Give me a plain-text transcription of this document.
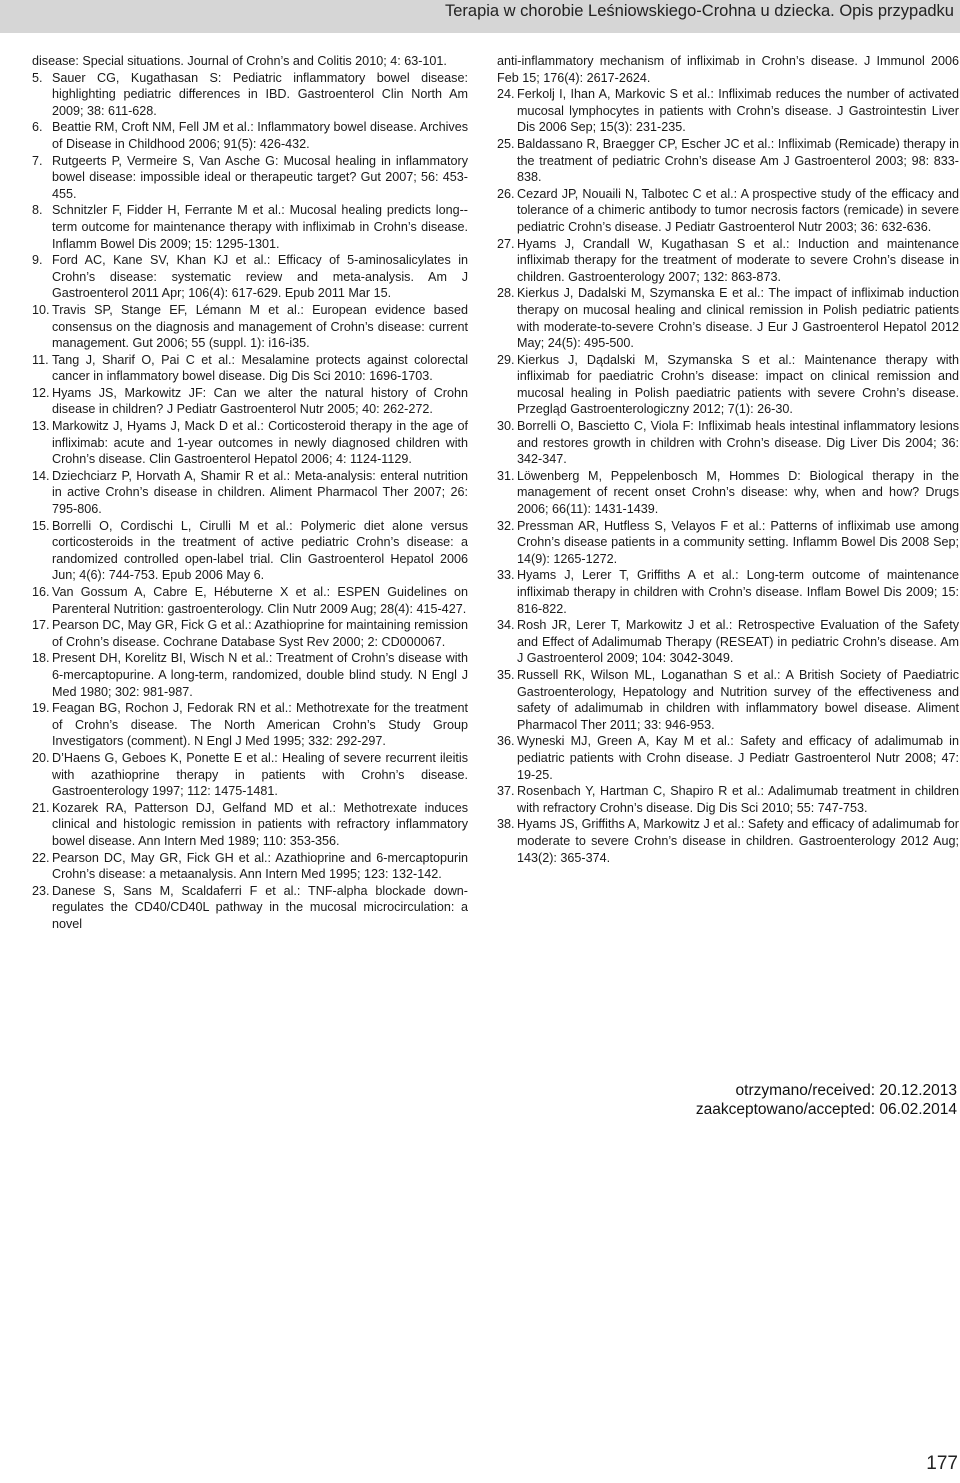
Terapia w chorobie Leśniowskiego-Crohna u dziecka. Opis przypadku
disease: Special situations. Journal of Crohn’s and Colitis 2010; 4: 63-101.
5. Sauer CG, Kugathasan S: Pediatric inflammatory bowel disease: highlighting pediatric differences in IBD. Gastroenterol Clin North Am 2009; 38: 611-628.
6. Beattie RM, Croft NM, Fell JM et al.: Inflammatory bowel disease. Archives of Disease in Childhood 2006; 91(5): 426-432.
7. Rutgeerts P, Vermeire S, Van Asche G: Mucosal healing in inflammatory bowel disease: impossible ideal or therapeutic target? Gut 2007; 56: 453-455.
8. Schnitzler F, Fidder H, Ferrante M et al.: Mucosal healing predicts long--term outcome for maintenance therapy with infliximab in Crohn’s disease. Inflamm Bowel Dis 2009; 15: 1295-1301.
9. Ford AC, Kane SV, Khan KJ et al.: Efficacy of 5-aminosalicylates in Crohn’s disease: systematic review and meta-analysis. Am J Gastroenterol 2011 Apr; 106(4): 617-629. Epub 2011 Mar 15.
10. Travis SP, Stange EF, Lémann M et al.: European evidence based consensus on the diagnosis and management of Crohn’s disease: current management. Gut 2006; 55 (suppl. 1): i16-i35.
11. Tang J, Sharif O, Pai C et al.: Mesalamine protects against colorectal cancer in inflammatory bowel disease. Dig Dis Sci 2010: 1696-1703.
12. Hyams JS, Markowitz JF: Can we alter the natural history of Crohn disease in children? J Pediatr Gastroenterol Nutr 2005; 40: 262-272.
13. Markowitz J, Hyams J, Mack D et al.: Corticosteroid therapy in the age of infliximab: acute and 1-year outcomes in newly diagnosed children with Crohn’s disease. Clin Gastroenterol Hepatol 2006; 4: 1124-1129.
14. Dziechciarz P, Horvath A, Shamir R et al.: Meta-analysis: enteral nutrition in active Crohn’s disease in children. Aliment Pharmacol Ther 2007; 26: 795-806.
15. Borrelli O, Cordischi L, Cirulli M et al.: Polymeric diet alone versus corticosteroids in the treatment of active pediatric Crohn’s disease: a randomized controlled open-label trial. Clin Gastroenterol Hepatol 2006 Jun; 4(6): 744-753. Epub 2006 May 6.
16. Van Gossum A, Cabre E, Hébuterne X et al.: ESPEN Guidelines on Parenteral Nutrition: gastroenterology. Clin Nutr 2009 Aug; 28(4): 415-427.
17. Pearson DC, May GR, Fick G et al.: Azathioprine for maintaining remission of Crohn’s disease. Cochrane Database Syst Rev 2000; 2: CD000067.
18. Present DH, Korelitz BI, Wisch N et al.: Treatment of Crohn’s disease with 6-mercaptopurine. A long-term, randomized, double blind study. N Engl J Med 1980; 302: 981-987.
19. Feagan BG, Rochon J, Fedorak RN et al.: Methotrexate for the treatment of Crohn’s disease. The North American Crohn’s Study Group Investigators (comment). N Engl J Med 1995; 332: 292-297.
20. D’Haens G, Geboes K, Ponette E et al.: Healing of severe recurrent ileitis with azathioprine therapy in patients with Crohn’s disease. Gastroenterology 1997; 112: 1475-1481.
21. Kozarek RA, Patterson DJ, Gelfand MD et al.: Methotrexate induces clinical and histologic remission in patients with refractory inflammatory bowel disease. Ann Intern Med 1989; 110: 353-356.
22. Pearson DC, May GR, Fick GH et al.: Azathioprine and 6-mercaptopurin Crohn’s disease: a metaanalysis. Ann Intern Med 1995; 123: 132-142.
23. Danese S, Sans M, Scaldaferri F et al.: TNF-alpha blockade down-regulates the CD40/CD40L pathway in the mucosal microcirculation: a novel
anti-inflammatory mechanism of infliximab in Crohn’s disease. J Immunol 2006 Feb 15; 176(4): 2617-2624.
24. Ferkolj I, Ihan A, Markovic S et al.: Infliximab reduces the number of activated mucosal lymphocytes in patients with Crohn’s disease. J Gastrointestin Liver Dis 2006 Sep; 15(3): 231-235.
25. Baldassano R, Braegger CP, Escher JC et al.: Infliximab (Remicade) therapy in the treatment of pediatric Crohn’s disease Am J Gastroenterol 2003; 98: 833-838.
26. Cezard JP, Nouaili N, Talbotec C et al.: A prospective study of the efficacy and tolerance of a chimeric antibody to tumor necrosis factors (remicade) in severe pediatric Crohn’s disease. J Pediatr Gastroenterol Nutr 2003; 36: 632-636.
27. Hyams J, Crandall W, Kugathasan S et al.: Induction and maintenance infliximab therapy for the treatment of moderate to severe Crohn’s disease in children. Gastroenterology 2007; 132: 863-873.
28. Kierkus J, Dadalski M, Szymanska E et al.: The impact of infliximab induction therapy on mucosal healing and clinical remission in Polish pediatric patients with moderate-to-severe Crohn’s disease. J Eur J Gastroenterol Hepatol 2012 May; 24(5): 495-500.
29. Kierkus J, Dądalski M, Szymanska S et al.: Maintenance therapy with infliximab for paediatric Crohn’s disease: impact on clinical remission and mucosal healing in Polish paediatric patients with severe Crohn’s disease. Przegląd Gastroenterologiczny 2012; 7(1): 26-30.
30. Borrelli O, Bascietto C, Viola F: Infliximab heals intestinal inflammatory lesions and restores growth in children with Crohn’s disease. Dig Liver Dis 2004; 36: 342-347.
31. Löwenberg M, Peppelenbosch M, Hommes D: Biological therapy in the management of recent onset Crohn’s disease: why, when and how? Drugs 2006; 66(11): 1431-1439.
32. Pressman AR, Hutfless S, Velayos F et al.: Patterns of infliximab use among Crohn’s disease patients in a community setting. Inflamm Bowel Dis 2008 Sep; 14(9): 1265-1272.
33. Hyams J, Lerer T, Griffiths A et al.: Long-term outcome of maintenance infliximab therapy in children with Crohn’s disease. Inflam Bowel Dis 2009; 15: 816-822.
34. Rosh JR, Lerer T, Markowitz J et al.: Retrospective Evaluation of the Safety and Effect of Adalimumab Therapy (RESEAT) in pediatric Crohn’s disease. Am J Gastroenterol 2009; 104: 3042-3049.
35. Russell RK, Wilson ML, Loganathan S et al.: A British Society of Paediatric Gastroenterology, Hepatology and Nutrition survey of the effectiveness and safety of adalimumab in children with inflammatory bowel disease. Aliment Pharmacol Ther 2011; 33: 946-953.
36. Wyneski MJ, Green A, Kay M et al.: Safety and efficacy of adalimumab in pediatric patients with Crohn disease. J Pediatr Gastroenterol Nutr 2008; 47: 19-25.
37. Rosenbach Y, Hartman C, Shapiro R et al.: Adalimumab treatment in children with refractory Crohn’s disease. Dig Dis Sci 2010; 55: 747-753.
38. Hyams JS, Griffiths A, Markowitz J et al.: Safety and efficacy of adalimumab for moderate to severe Crohn’s disease in children. Gastroenterology 2012 Aug; 143(2): 365-374.
otrzymano/received: 20.12.2013
zaakceptowano/accepted: 06.02.2014
177
